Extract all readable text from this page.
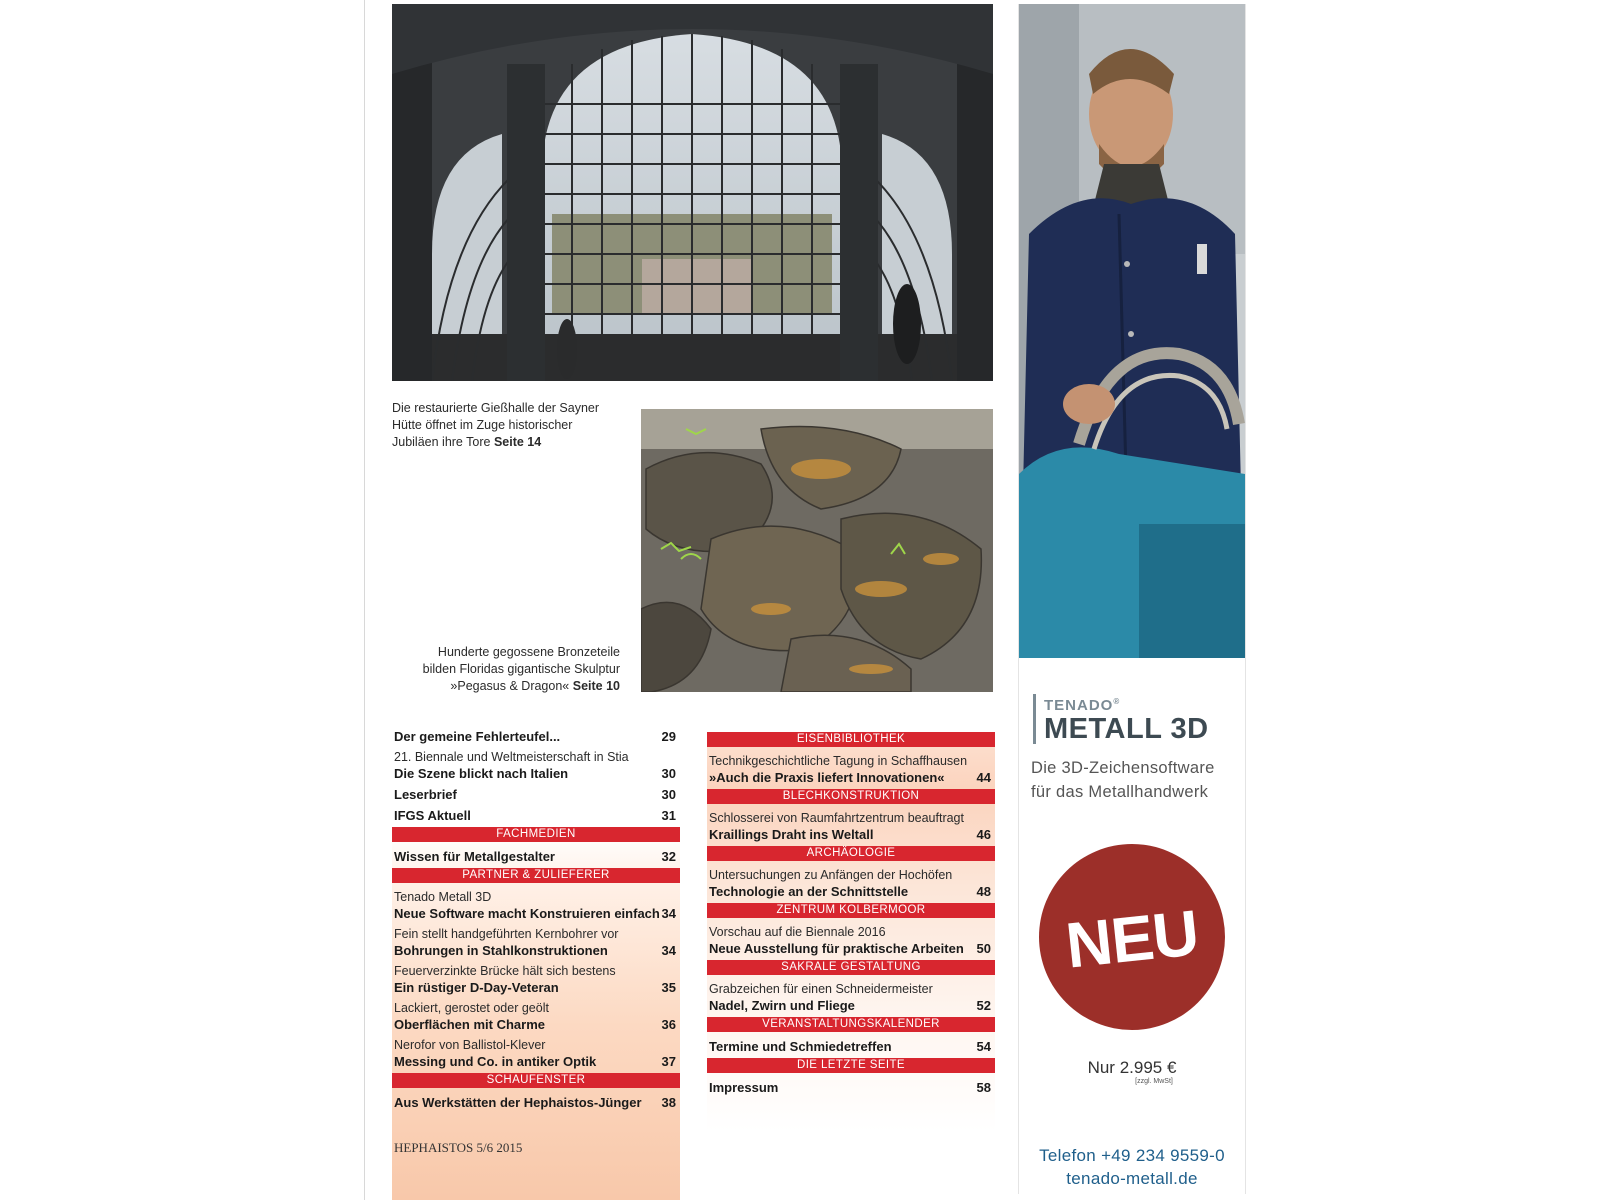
Die restaurierte Gießhalle der Sayner Hütte öffnet im Zuge historischer Jubiläen ihre Tore Seite 14
Hunderte gegossene Bronzeteile bilden Floridas gigantische Skulptur »Pegasus & Dragon« Seite 10
Der gemeine Fehlerteufel...	29
21. Biennale und Weltmeisterschaft in Stia
Die Szene blickt nach Italien	30
Leserbrief	30
IFGS Aktuell	31
FACHMEDIEN
Wissen für Metallgestalter	32
PARTNER & ZULIEFERER
Tenado Metall 3D
Neue Software macht Konstruieren einfach 34
Fein stellt handgeführten Kernbohrer vor
Bohrungen in Stahlkonstruktionen	34
Feuerverzinkte Brücke hält sich bestens
Ein rüstiger D-Day-Veteran	35
Lackiert, gerostet oder geölt
Oberflächen mit Charme	36
Nerofor von Ballistol-Klever
Messing und Co. in antiker Optik	37
SCHAUFENSTER
Aus Werkstätten der Hephaistos-Jünger	38
HEPHAISTOS 5/6 2015
EISENBIBLIOTHEK
Technikgeschichtliche Tagung in Schaffhausen
»Auch die Praxis liefert Innovationen«	44
BLECHKONSTRUKTION
Schlosserei von Raumfahrtzentrum beauftragt
Kraillings Draht ins Weltall	46
ARCHÄOLOGIE
Untersuchungen zu Anfängen der Hochöfen
Technologie an der Schnittstelle	48
ZENTRUM KOLBERMOOR
Vorschau auf die Biennale 2016
Neue Ausstellung für praktische Arbeiten 50
SAKRALE GESTALTUNG
Grabzeichen für einen Schneidermeister
Nadel, Zwirn und Fliege	52
VERANSTALTUNGSKALENDER
Termine und Schmiedetreffen	54
DIE LETZTE SEITE
Impressum	58
TENADO®
METALL 3D
Die 3D-Zeichensoftware
für das Metallhandwerk
NEU
Nur 2.995 €
[zzgl. MwSt]
Telefon +49 234 9559-0
tenado-metall.de
